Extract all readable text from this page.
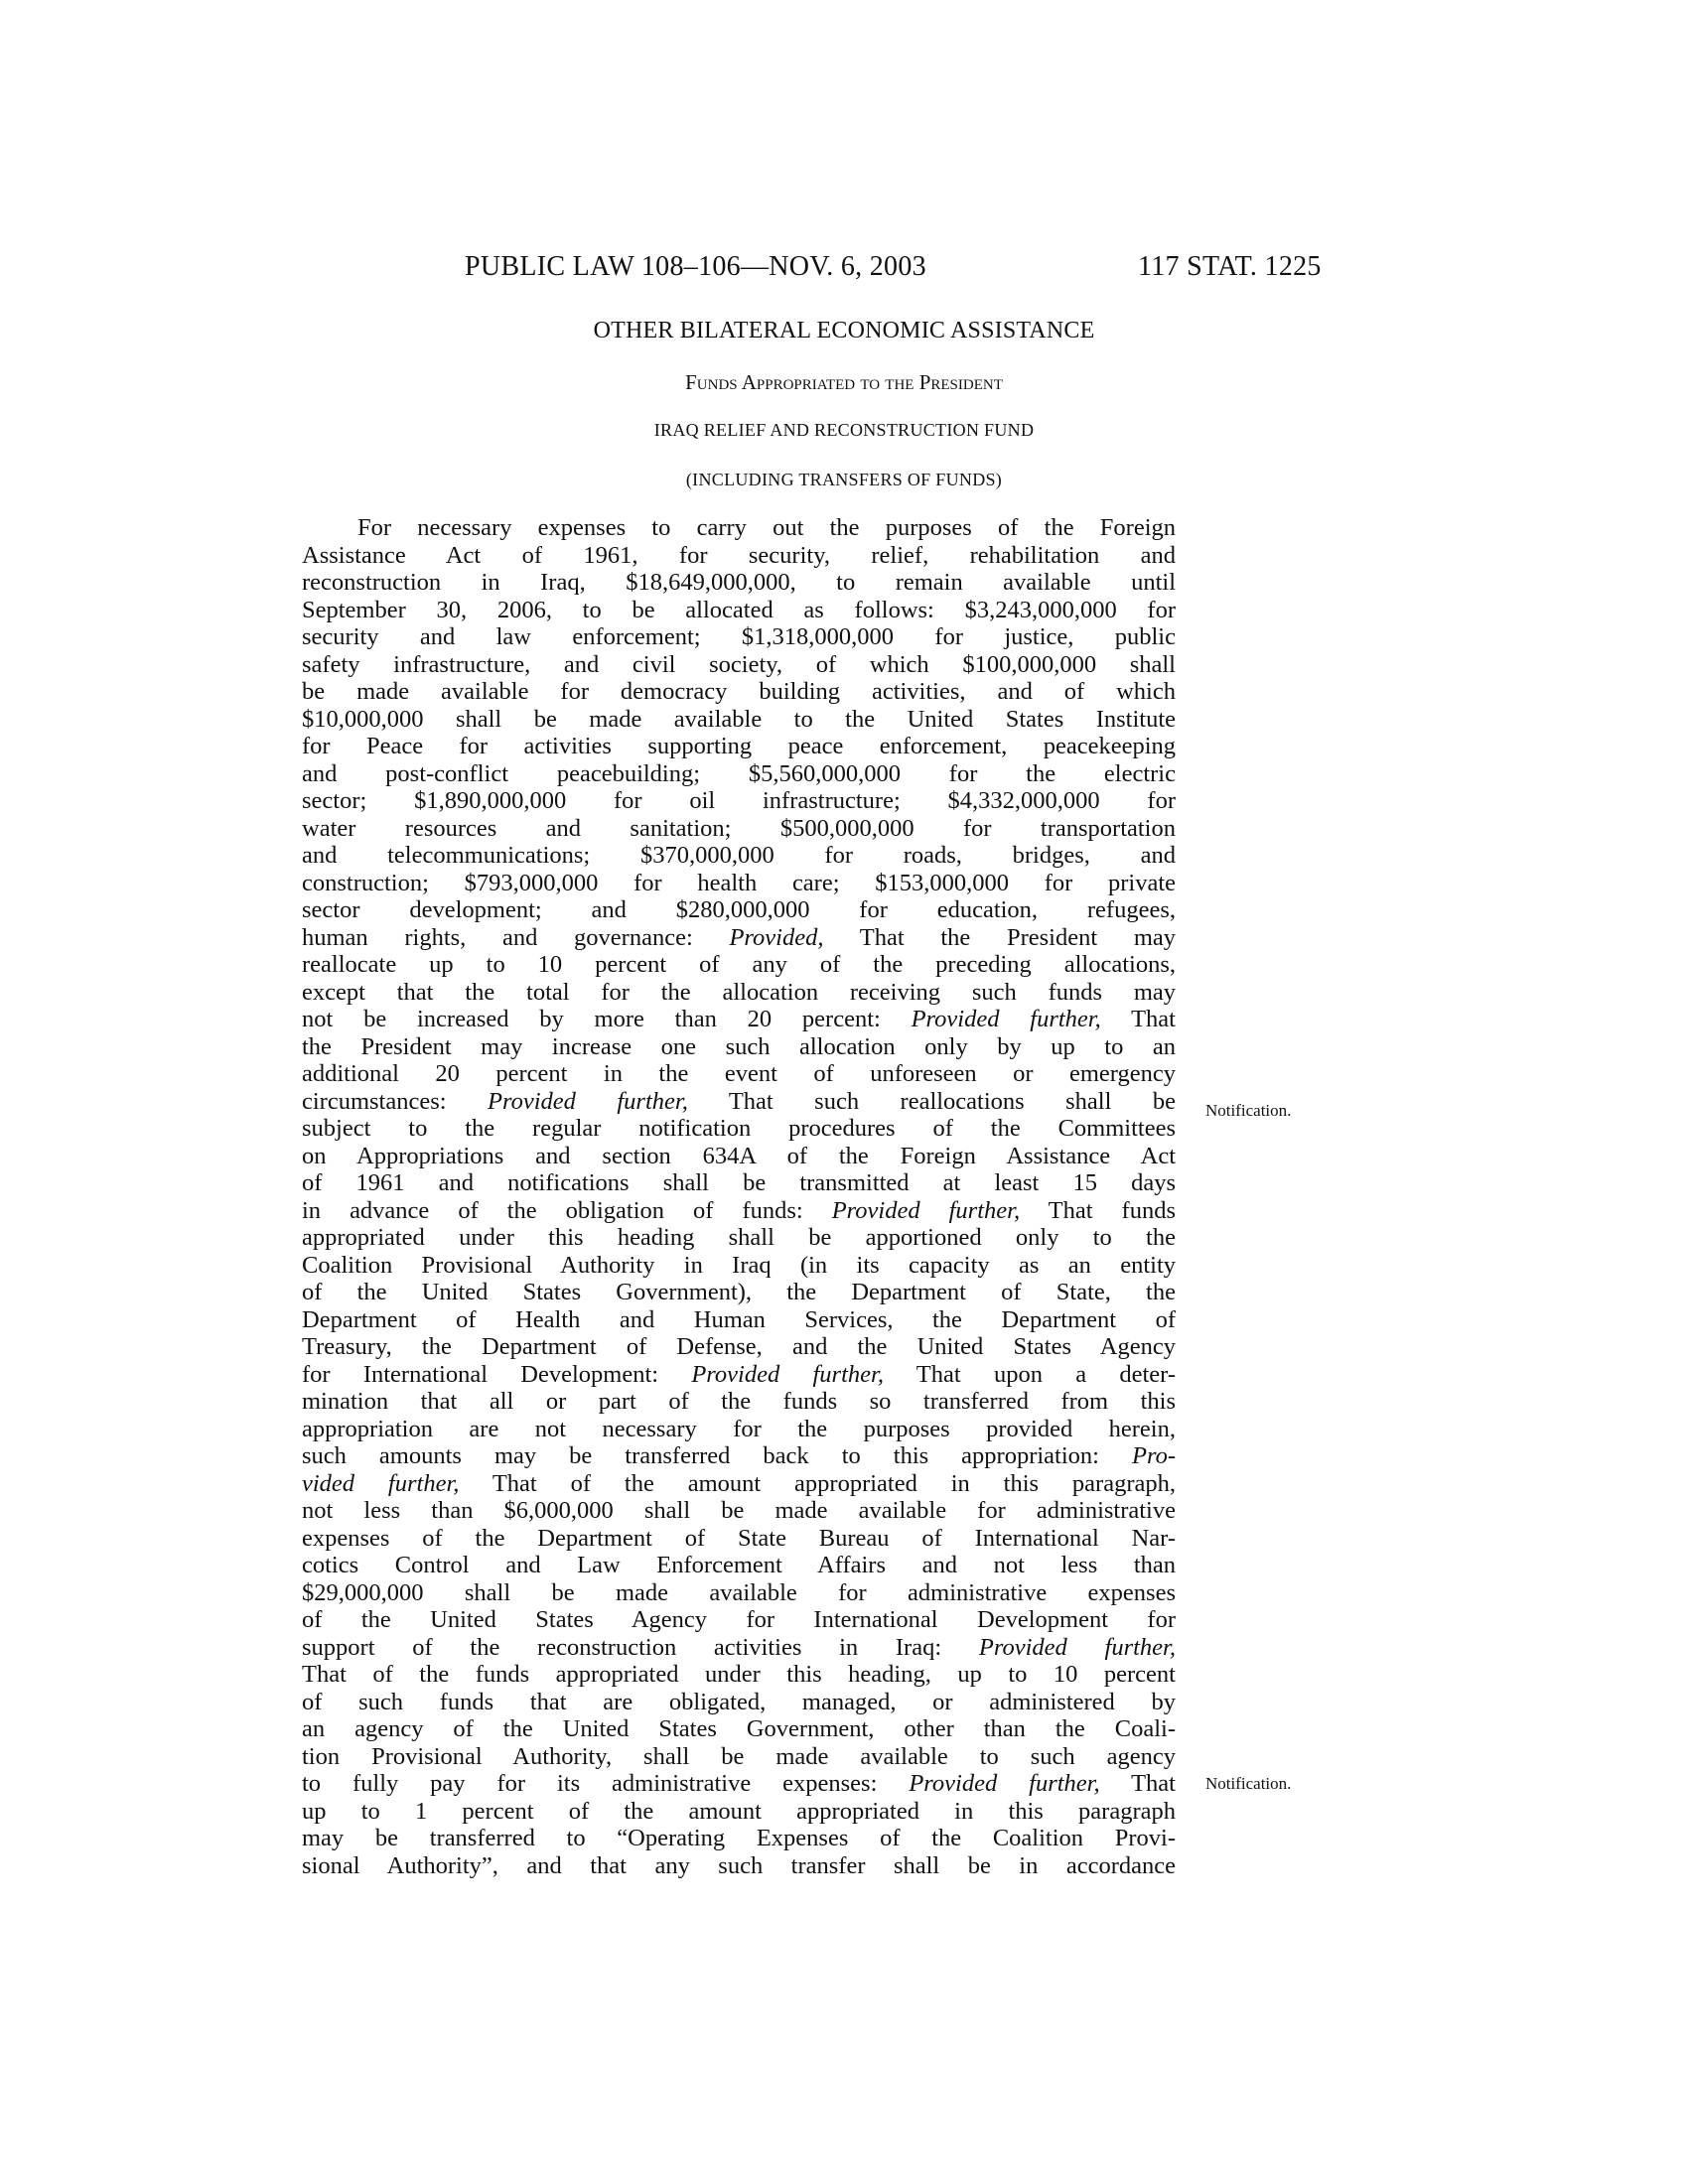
PUBLIC LAW 108–106—NOV. 6, 2003	117 STAT. 1225
OTHER BILATERAL ECONOMIC ASSISTANCE
Funds Appropriated to the President
IRAQ RELIEF AND RECONSTRUCTION FUND
(INCLUDING TRANSFERS OF FUNDS)
For necessary expenses to carry out the purposes of the Foreign
Assistance Act of 1961, for security, relief, rehabilitation and
reconstruction in Iraq, $18,649,000,000, to remain available until
September 30, 2006, to be allocated as follows: $3,243,000,000 for
security and law enforcement; $1,318,000,000 for justice, public
safety infrastructure, and civil society, of which $100,000,000 shall
be made available for democracy building activities, and of which
$10,000,000 shall be made available to the United States Institute
for Peace for activities supporting peace enforcement, peacekeeping
and post-conflict peacebuilding; $5,560,000,000 for the electric
sector; $1,890,000,000 for oil infrastructure; $4,332,000,000 for
water resources and sanitation; $500,000,000 for transportation
and telecommunications; $370,000,000 for roads, bridges, and
construction; $793,000,000 for health care; $153,000,000 for private
sector development; and $280,000,000 for education, refugees,
human rights, and governance: Provided, That the President may
reallocate up to 10 percent of any of the preceding allocations,
except that the total for the allocation receiving such funds may
not be increased by more than 20 percent: Provided further, That
the President may increase one such allocation only by up to an
additional 20 percent in the event of unforeseen or emergency
circumstances: Provided further, That such reallocations shall be
subject to the regular notification procedures of the Committees
on Appropriations and section 634A of the Foreign Assistance Act
of 1961 and notifications shall be transmitted at least 15 days
in advance of the obligation of funds: Provided further, That funds
appropriated under this heading shall be apportioned only to the
Coalition Provisional Authority in Iraq (in its capacity as an entity
of the United States Government), the Department of State, the
Department of Health and Human Services, the Department of
Treasury, the Department of Defense, and the United States Agency
for International Development: Provided further, That upon a deter-
mination that all or part of the funds so transferred from this
appropriation are not necessary for the purposes provided herein,
such amounts may be transferred back to this appropriation: Pro-
vided further, That of the amount appropriated in this paragraph,
not less than $6,000,000 shall be made available for administrative
expenses of the Department of State Bureau of International Nar-
cotics Control and Law Enforcement Affairs and not less than
$29,000,000 shall be made available for administrative expenses
of the United States Agency for International Development for
support of the reconstruction activities in Iraq: Provided further,
That of the funds appropriated under this heading, up to 10 percent
of such funds that are obligated, managed, or administered by
an agency of the United States Government, other than the Coali-
tion Provisional Authority, shall be made available to such agency
to fully pay for its administrative expenses: Provided further, That
up to 1 percent of the amount appropriated in this paragraph
may be transferred to “Operating Expenses of the Coalition Provi-
sional Authority”, and that any such transfer shall be in accordance
Notification.
Notification.
